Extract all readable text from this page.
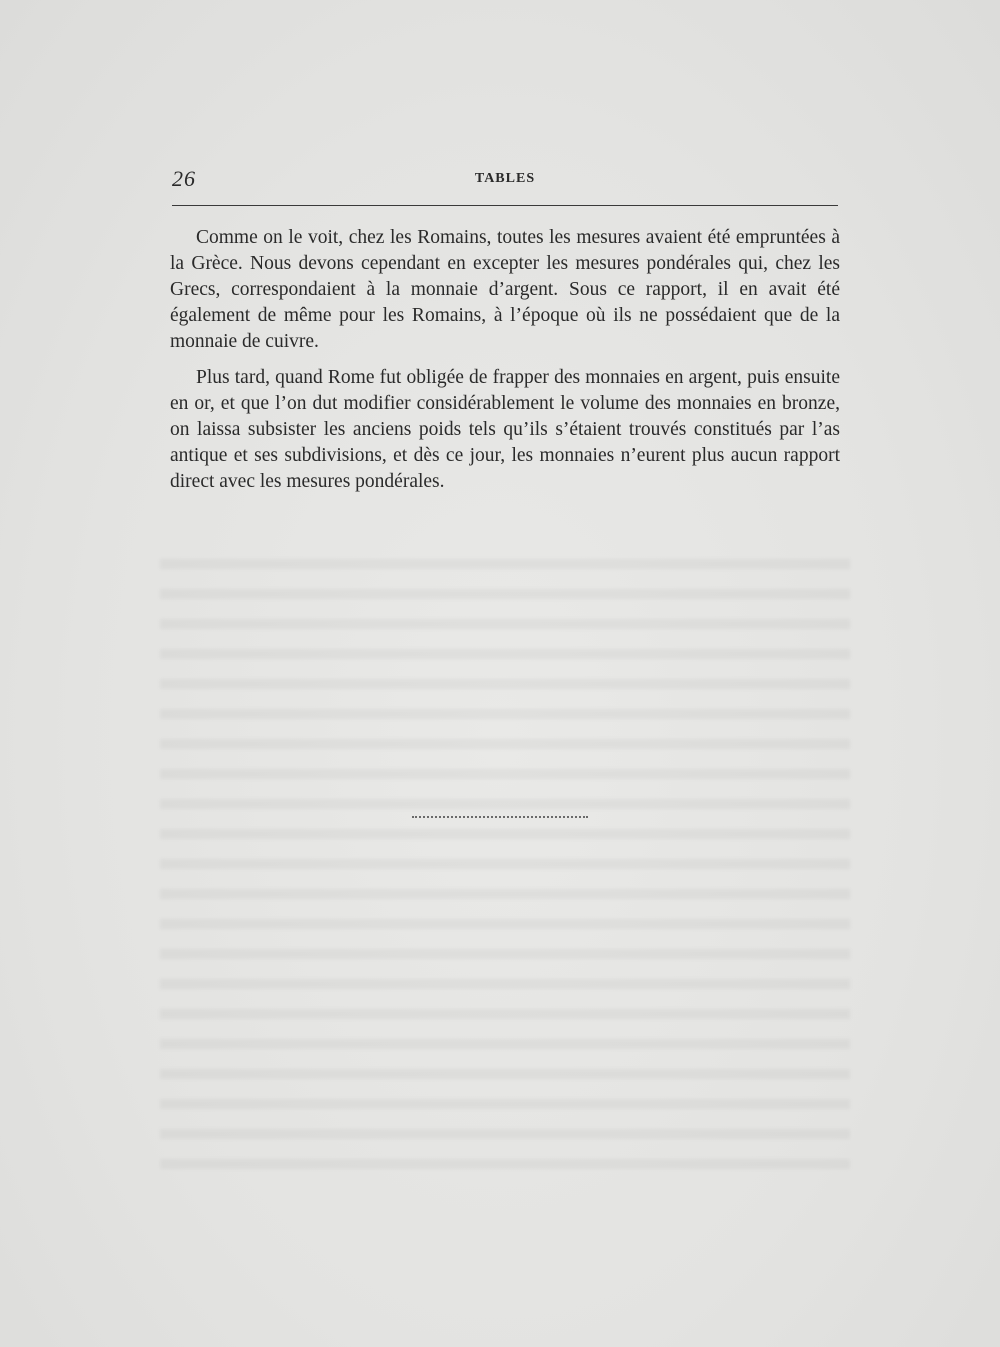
26	TABLES

Comme on le voit, chez les Romains, toutes les mesures avaient été empruntées à la Grèce. Nous devons cependant en excepter les mesures pondérales qui, chez les Grecs, correspondaient à la monnaie d’argent. Sous ce rapport, il en avait été également de même pour les Romains, à l’époque où ils ne possédaient que de la monnaie de cuivre.

Plus tard, quand Rome fut obligée de frapper des monnaies en argent, puis ensuite en or, et que l’on dut modifier considérablement le volume des monnaies en bronze, on laissa subsister les anciens poids tels qu’ils s’étaient trouvés constitués par l’as antique et ses subdivisions, et dès ce jour, les monnaies n’eurent plus aucun rapport direct avec les mesures pondérales.
